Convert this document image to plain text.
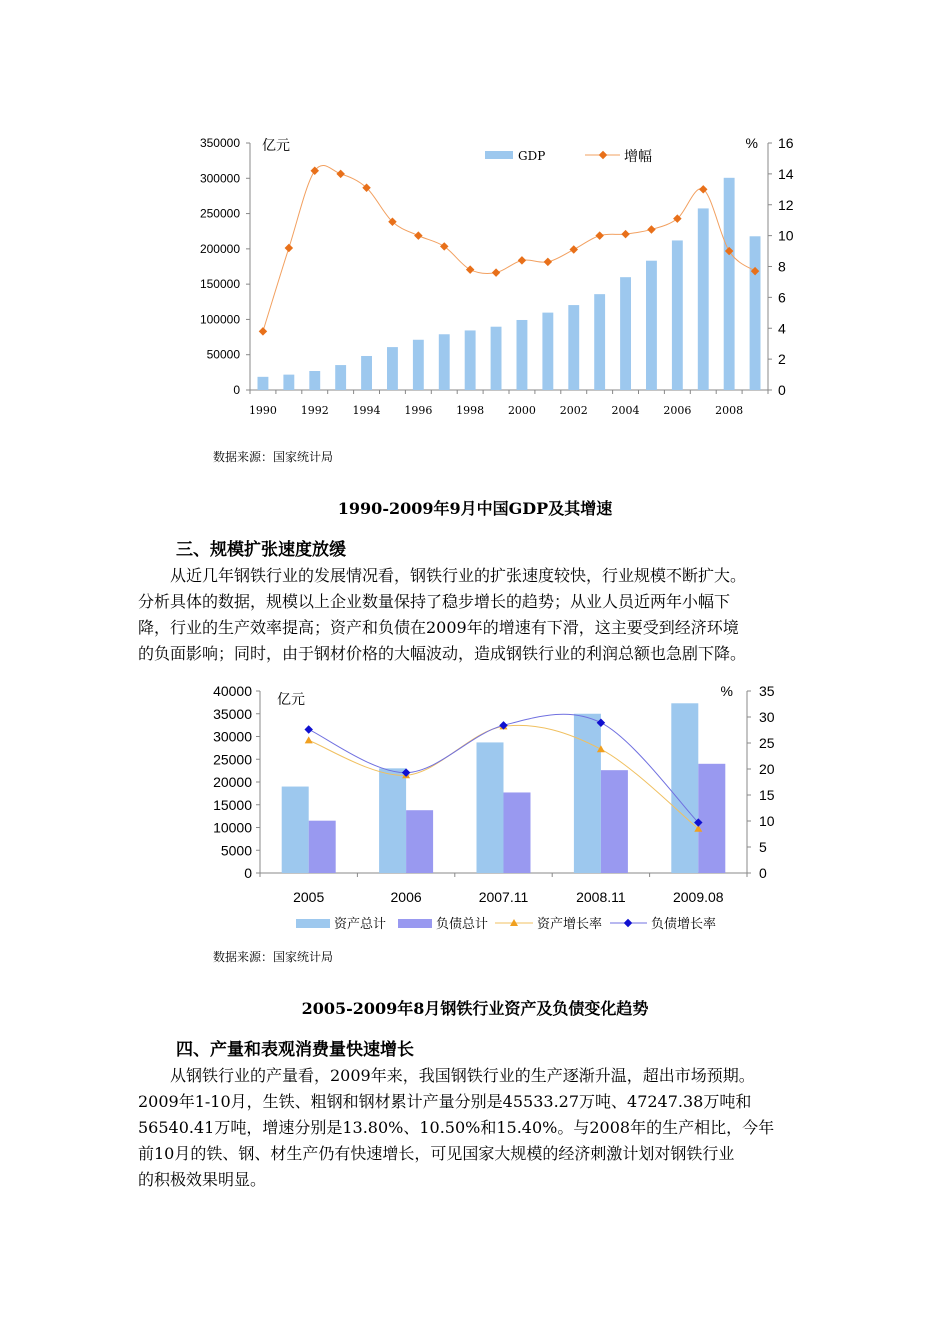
350000
300000
250000
200000
150000
100000
50000
0
16
14
12
10
8
6
4
2
0
亿元	%
1990 1992 1994 1996 1998 2000 2002 2004 2006 2008
GDP	增幅
数据来源：国家统计局
1990-2009年9月中国GDP及其增速
三、规模扩张速度放缓
　　从近几年钢铁行业的发展情况看，钢铁行业的扩张速度较快，行业规模不断扩大。
分析具体的数据，规模以上企业数量保持了稳步增长的趋势；从业人员近两年小幅下
降，行业的生产效率提高；资产和负债在2009年的增速有下滑，这主要受到经济环境
的负面影响；同时，由于钢材价格的大幅波动，造成钢铁行业的利润总额也急剧下降。
40000
35000
30000
25000
20000
15000
10000
5000
0
35
30
25
20
15
10
5
0
亿元	%
2005	2006	2007.11	2008.11	2009.08
资产总计	负债总计	资产增长率	负债增长率
数据来源：国家统计局
2005-2009年8月钢铁行业资产及负债变化趋势
四、产量和表观消费量快速增长
　　从钢铁行业的产量看，2009年来，我国钢铁行业的生产逐渐升温，超出市场预期。
2009年1-10月，生铁、粗钢和钢材累计产量分别是45533.27万吨、47247.38万吨和
56540.41万吨，增速分别是13.80%、10.50%和15.40%。与2008年的生产相比，今年
前10月的铁、钢、材生产仍有快速增长，可见国家大规模的经济刺激计划对钢铁行业
的积极效果明显。
